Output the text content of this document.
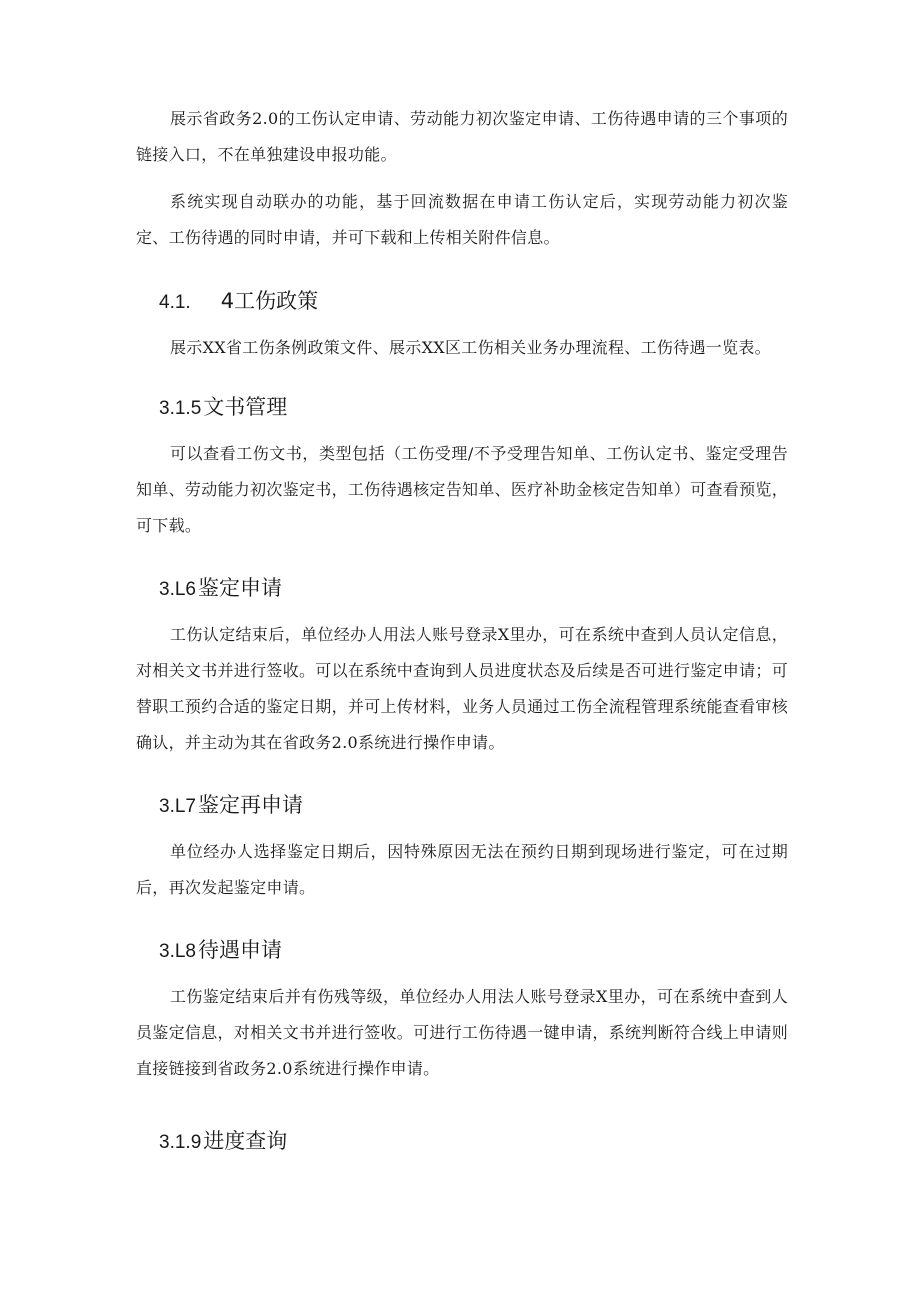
展示省政务2.0的工伤认定申请、劳动能力初次鉴定申请、工伤待遇申请的三个事项的链接入口，不在单独建设申报功能。

系统实现自动联办的功能，基于回流数据在申请工伤认定后，实现劳动能力初次鉴定、工伤待遇的同时申请，并可下载和上传相关附件信息。

4.1. 4工伤政策

展示XX省工伤条例政策文件、展示XX区工伤相关业务办理流程、工伤待遇一览表。

3.1.5文书管理

可以查看工伤文书，类型包括（工伤受理/不予受理告知单、工伤认定书、鉴定受理告知单、劳动能力初次鉴定书，工伤待遇核定告知单、医疗补助金核定告知单）可查看预览，可下载。

3.L6鉴定申请

工伤认定结束后，单位经办人用法人账号登录X里办，可在系统中查到人员认定信息，对相关文书并进行签收。可以在系统中查询到人员进度状态及后续是否可进行鉴定申请；可替职工预约合适的鉴定日期，并可上传材料，业务人员通过工伤全流程管理系统能查看审核确认，并主动为其在省政务2.0系统进行操作申请。

3.L7鉴定再申请

单位经办人选择鉴定日期后，因特殊原因无法在预约日期到现场进行鉴定，可在过期后，再次发起鉴定申请。

3.L8待遇申请

工伤鉴定结束后并有伤残等级，单位经办人用法人账号登录X里办，可在系统中查到人员鉴定信息，对相关文书并进行签收。可进行工伤待遇一键申请，系统判断符合线上申请则直接链接到省政务2.0系统进行操作申请。

3.1.9进度查询
